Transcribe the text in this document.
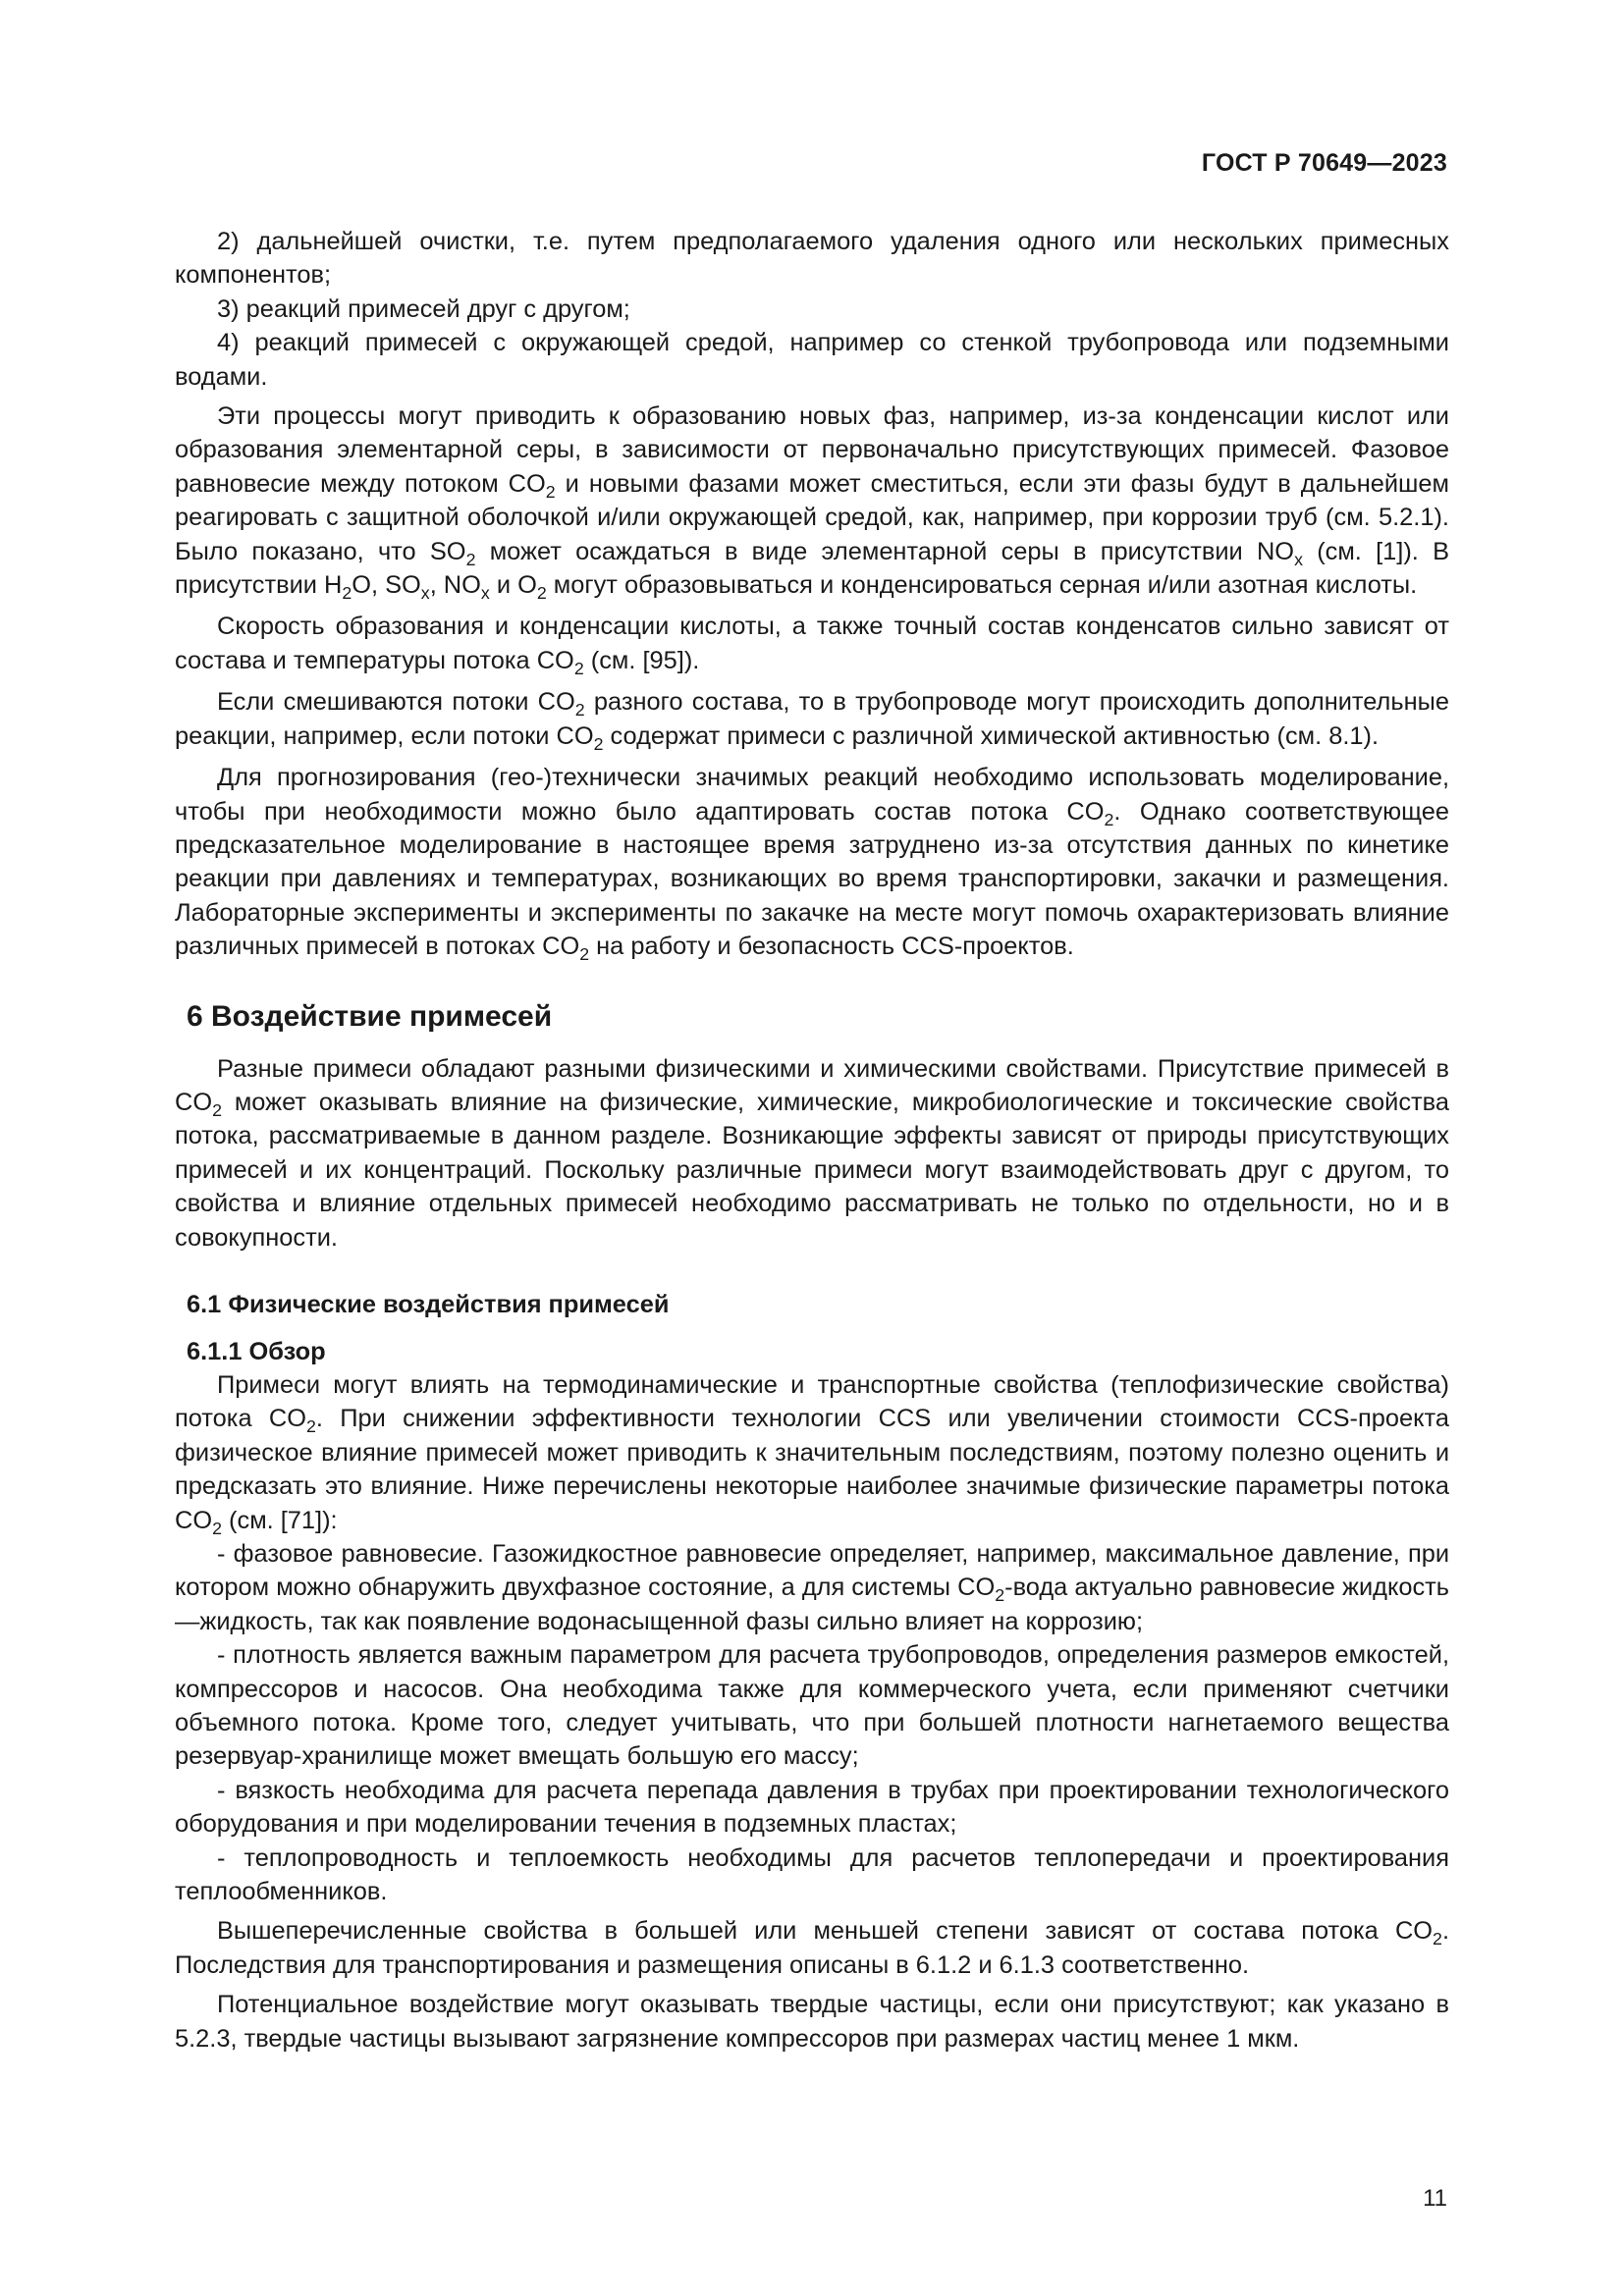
ГОСТ Р 70649—2023

2) дальнейшей очистки, т.е. путем предполагаемого удаления одного или нескольких примесных компонентов;

3) реакций примесей друг с другом;

4) реакций примесей с окружающей средой, например со стенкой трубопровода или подземными водами.

Эти процессы могут приводить к образованию новых фаз, например, из-за конденсации кислот или образования элементарной серы, в зависимости от первоначально присутствующих примесей. Фазовое равновесие между потоком $CO_2$ и новыми фазами может сместиться, если эти фазы будут в дальнейшем реагировать с защитной оболочкой и/или окружающей средой, как, например, при коррозии труб (см. 5.2.1). Было показано, что $SO_2$ может осаждаться в виде элементарной серы в присутствии $NO_x$ (см. [1]). В присутствии $H_2O$, $SO_x$, $NO_x$ и $O_2$ могут образовываться и конденсироваться серная и/или азотная кислоты.

Скорость образования и конденсации кислоты, а также точный состав конденсатов сильно зависят от состава и температуры потока $CO_2$ (см. [95]).

Если смешиваются потоки $CO_2$ разного состава, то в трубопроводе могут происходить дополнительные реакции, например, если потоки $CO_2$ содержат примеси с различной химической активностью (см. 8.1).

Для прогнозирования (гео-)технически значимых реакций необходимо использовать моделирование, чтобы при необходимости можно было адаптировать состав потока $CO_2$. Однако соответствующее предсказательное моделирование в настоящее время затруднено из-за отсутствия данных по кинетике реакции при давлениях и температурах, возникающих во время транспортировки, закачки и размещения. Лабораторные эксперименты и эксперименты по закачке на месте могут помочь охарактеризовать влияние различных примесей в потоках $CO_2$ на работу и безопасность CCS-проектов.

6 Воздействие примесей

Разные примеси обладают разными физическими и химическими свойствами. Присутствие примесей в $CO_2$ может оказывать влияние на физические, химические, микробиологические и токсические свойства потока, рассматриваемые в данном разделе. Возникающие эффекты зависят от природы присутствующих примесей и их концентраций. Поскольку различные примеси могут взаимодействовать друг с другом, то свойства и влияние отдельных примесей необходимо рассматривать не только по отдельности, но и в совокупности.

6.1 Физические воздействия примесей
6.1.1 Обзор

Примеси могут влиять на термодинамические и транспортные свойства (теплофизические свойства) потока $CO_2$. При снижении эффективности технологии CCS или увеличении стоимости CCS-проекта физическое влияние примесей может приводить к значительным последствиям, поэтому полезно оценить и предсказать это влияние. Ниже перечислены некоторые наиболее значимые физические параметры потока $CO_2$ (см. [71]):

- фазовое равновесие. Газожидкостное равновесие определяет, например, максимальное давление, при котором можно обнаружить двухфазное состояние, а для системы $CO_2$-вода актуально равновесие жидкость—жидкость, так как появление водонасыщенной фазы сильно влияет на коррозию;

- плотность является важным параметром для расчета трубопроводов, определения размеров емкостей, компрессоров и насосов. Она необходима также для коммерческого учета, если применяют счетчики объемного потока. Кроме того, следует учитывать, что при большей плотности нагнетаемого вещества резервуар-хранилище может вмещать большую его массу;

- вязкость необходима для расчета перепада давления в трубах при проектировании технологического оборудования и при моделировании течения в подземных пластах;

- теплопроводность и теплоемкость необходимы для расчетов теплопередачи и проектирования теплообменников.

Вышеперечисленные свойства в большей или меньшей степени зависят от состава потока $CO_2$. Последствия для транспортирования и размещения описаны в 6.1.2 и 6.1.3 соответственно.

Потенциальное воздействие могут оказывать твердые частицы, если они присутствуют; как указано в 5.2.3, твердые частицы вызывают загрязнение компрессоров при размерах частиц менее 1 мкм.

11
